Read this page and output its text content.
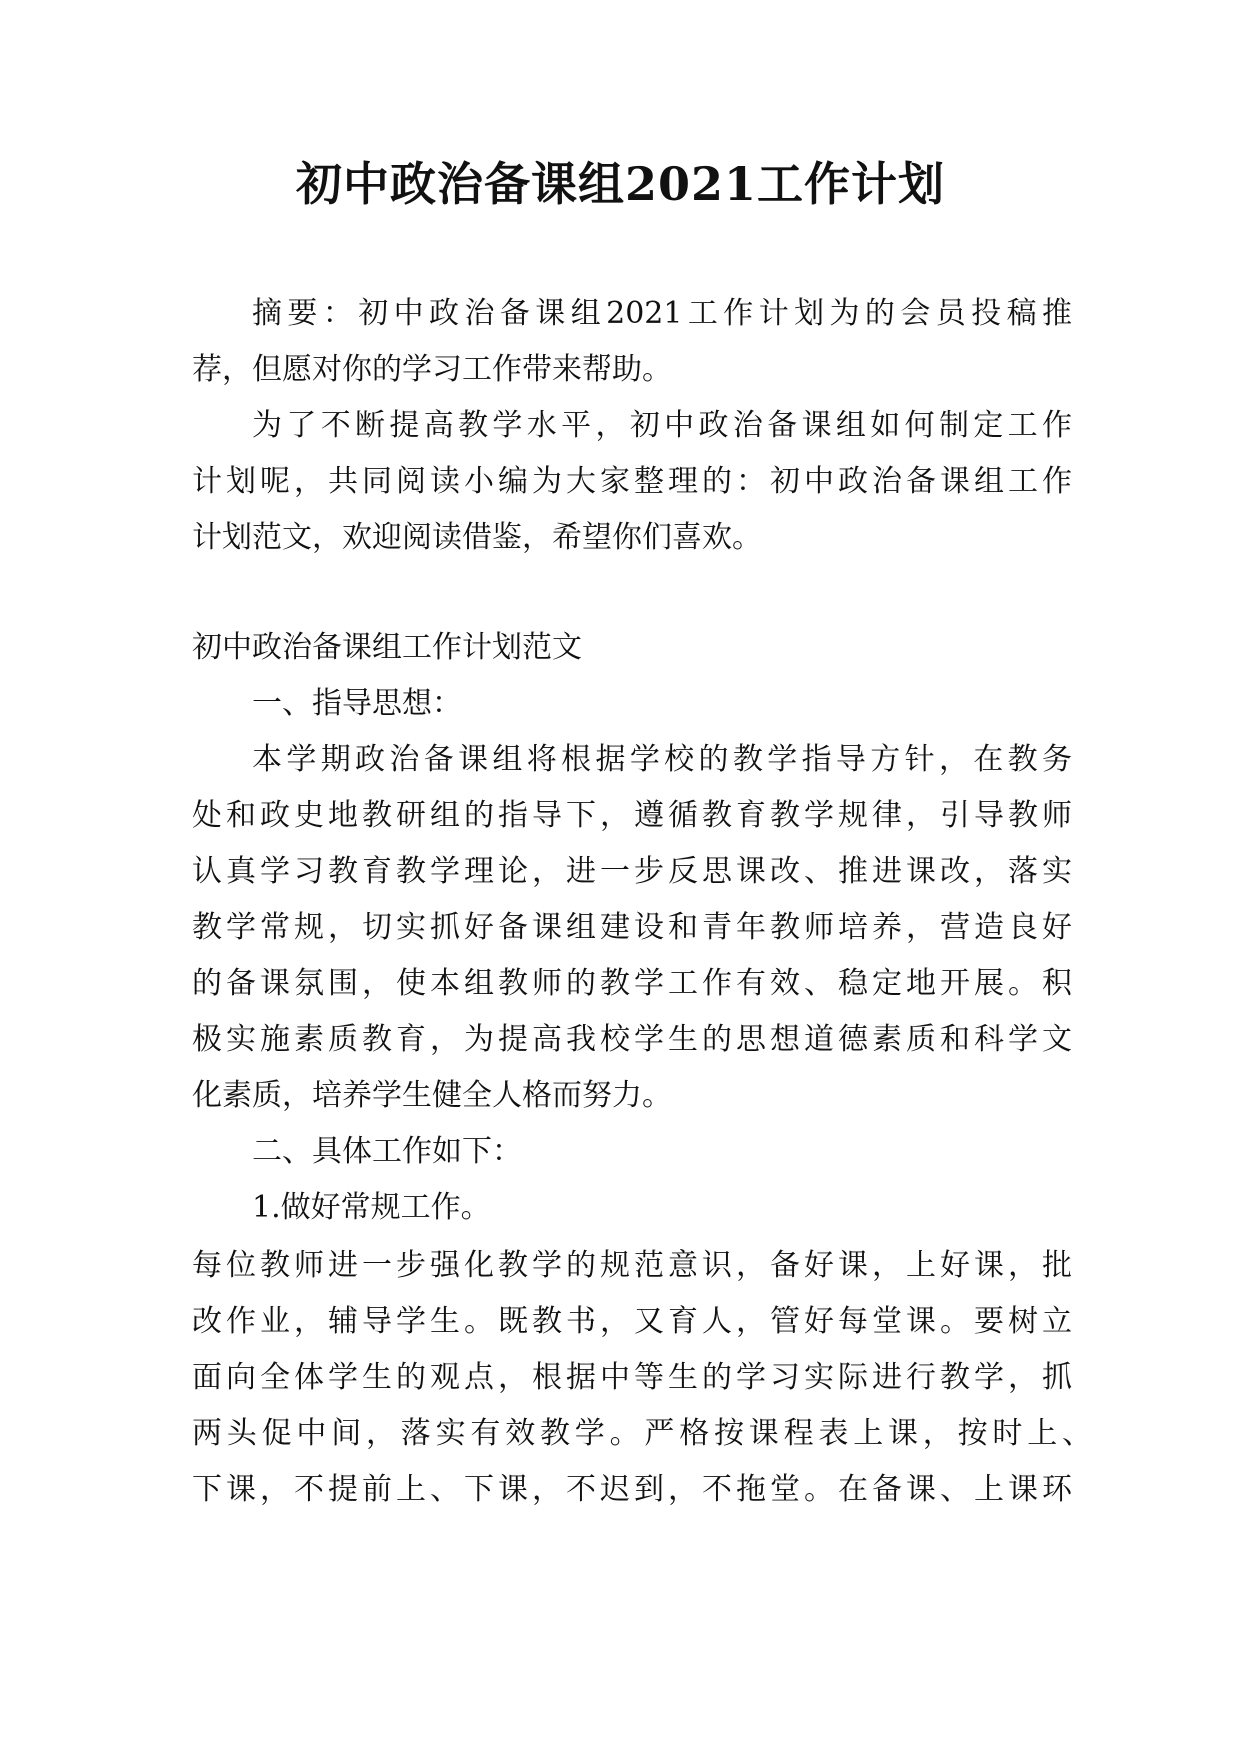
初中政治备课组2021工作计划
摘要：初中政治备课组2021工作计划为的会员投稿推
荐，但愿对你的学习工作带来帮助。
为了不断提高教学水平，初中政治备课组如何制定工作
计划呢，共同阅读小编为大家整理的：初中政治备课组工作
计划范文，欢迎阅读借鉴，希望你们喜欢。
初中政治备课组工作计划范文
一、指导思想：
本学期政治备课组将根据学校的教学指导方针，在教务
处和政史地教研组的指导下，遵循教育教学规律，引导教师
认真学习教育教学理论，进一步反思课改、推进课改，落实
教学常规，切实抓好备课组建设和青年教师培养，营造良好
的备课氛围，使本组教师的教学工作有效、稳定地开展。积
极实施素质教育，为提高我校学生的思想道德素质和科学文
化素质，培养学生健全人格而努力。
二、具体工作如下：
1.做好常规工作。
每位教师进一步强化教学的规范意识，备好课，上好课，批
改作业，辅导学生。既教书，又育人，管好每堂课。要树立
面向全体学生的观点，根据中等生的学习实际进行教学，抓
两头促中间，落实有效教学。严格按课程表上课，按时上、
下课，不提前上、下课，不迟到，不拖堂。在备课、上课环
